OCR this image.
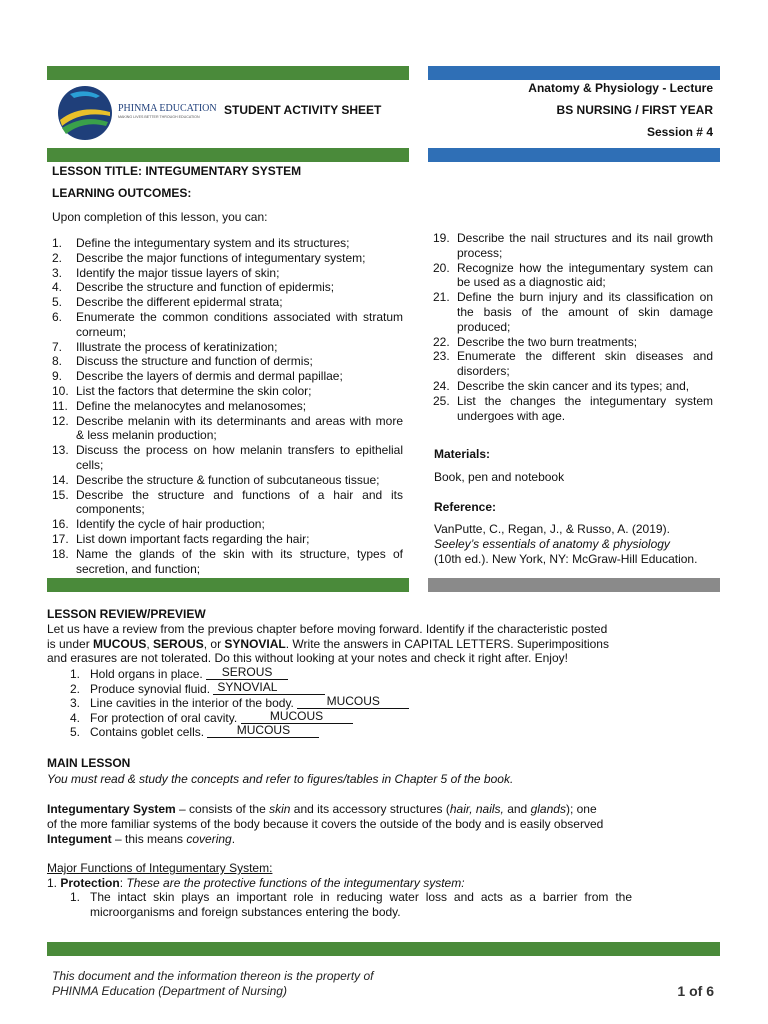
PHINMA EDUCATION
MAKING LIVES BETTER THROUGH EDUCATION STUDENT ACTIVITY SHEET
Anatomy & Physiology - Lecture
BS NURSING / FIRST YEAR
Session # 4
LESSON TITLE: INTEGUMENTARY SYSTEM
LEARNING OUTCOMES:
Upon completion of this lesson, you can:
1.	Define the integumentary system and its structures;
2.	Describe the major functions of integumentary system;
3.	Identify the major tissue layers of skin;
4.	Describe the structure and function of epidermis;
5.	Describe the different epidermal strata;
6.	Enumerate the common conditions associated with stratum corneum;
7.	Illustrate the process of keratinization;
8.	Discuss the structure and function of dermis;
9.	Describe the layers of dermis and dermal papillae;
10. List the factors that determine the skin color;
11. Define the melanocytes and melanosomes;
12. Describe melanin with its determinants and areas with more & less melanin production;
13. Discuss the process on how melanin transfers to epithelial cells;
14. Describe the structure & function of subcutaneous tissue;
15. Describe the structure and functions of a hair and its components;
16. Identify the cycle of hair production;
17. List down important facts regarding the hair;
18. Name the glands of the skin with its structure, types of secretion, and function;
19. Describe the nail structures and its nail growth process;
20. Recognize how the integumentary system can be used as a diagnostic aid;
21. Define the burn injury and its classification on the basis of the amount of skin damage produced;
22. Describe the two burn treatments;
23. Enumerate the different skin diseases and disorders;
24. Describe the skin cancer and its types; and,
25. List the changes the integumentary system undergoes with age.
Materials:
Book, pen and notebook
Reference:
VanPutte, C., Regan, J., & Russo, A. (2019).
Seeley’s essentials of anatomy & physiology
(10th ed.). New York, NY: McGraw-Hill Education.
LESSON REVIEW/PREVIEW
Let us have a review from the previous chapter before moving forward. Identify if the characteristic posted
is under MUCOUS, SEROUS, or SYNOVIAL. Write the answers in CAPITAL LETTERS. Superimpositions
and erasures are not tolerated. Do this without looking at your notes and check it right after. Enjoy!
1. Hold organs in place.
	SEROUS
2. Produce synovial fluid.
SYNOVIAL
3. Line cavities in the interior of the body.
	MUCOUS
4. For protection of oral cavity.
	MUCOUS
5. Contains goblet cells.
	MUCOUS
MAIN LESSON
You must read & study the concepts and refer to figures/tables in Chapter 5 of the book.
Integumentary System – consists of the skin and its accessory structures (hair, nails, and glands); one
of the more familiar systems of the body because it covers the outside of the body and is easily observed
Integument – this means covering.
Major Functions of Integumentary System:
1. Protection: These are the protective functions of the integumentary system:
1. The intact skin plays an important role in reducing water loss and acts as a barrier from the microorganisms and foreign substances entering the body.
This document and the information thereon is the property of
PHINMA Education (Department of Nursing)	1 of 6
